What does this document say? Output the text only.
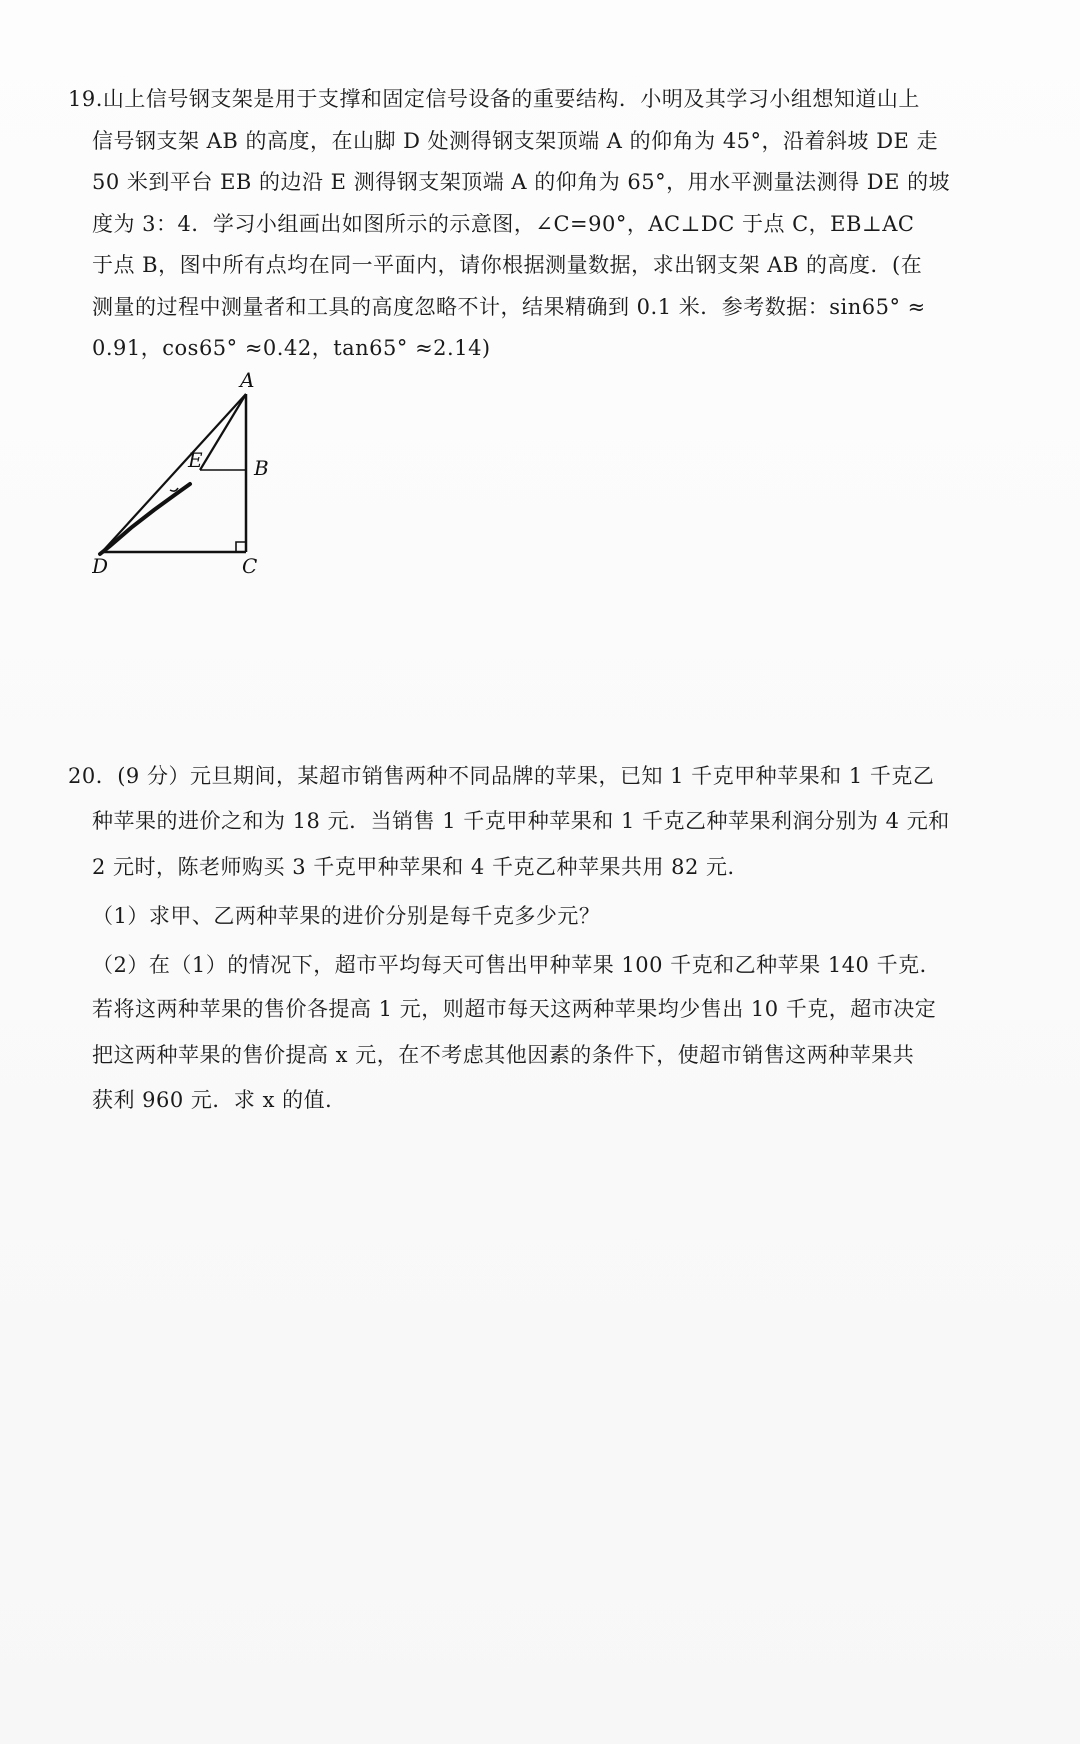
19.山上信号钢支架是用于支撑和固定信号设备的重要结构．小明及其学习小组想知道山上
信号钢支架 AB 的高度，在山脚 D 处测得钢支架顶端 A 的仰角为 45°，沿着斜坡 DE 走
50 米到平台 EB 的边沿 E 测得钢支架顶端 A 的仰角为 65°，用水平测量法测得 DE 的坡
度为 3：4．学习小组画出如图所示的示意图，∠C=90°，AC⊥DC 于点 C，EB⊥AC
于点 B，图中所有点均在同一平面内，请你根据测量数据，求出钢支架 AB 的高度．(在
测量的过程中测量者和工具的高度忽略不计，结果精确到 0.1 米．参考数据：sin65° ≈
0.91，cos65° ≈0.42，tan65° ≈2.14)
A
B
C
D
E
20．(9 分）元旦期间，某超市销售两种不同品牌的苹果，已知 1 千克甲种苹果和 1 千克乙
种苹果的进价之和为 18 元．当销售 1 千克甲种苹果和 1 千克乙种苹果利润分别为 4 元和
2 元时，陈老师购买 3 千克甲种苹果和 4 千克乙种苹果共用 82 元．
（1）求甲、乙两种苹果的进价分别是每千克多少元？
（2）在（1）的情况下，超市平均每天可售出甲种苹果 100 千克和乙种苹果 140 千克．
若将这两种苹果的售价各提高 1 元，则超市每天这两种苹果均少售出 10 千克，超市决定
把这两种苹果的售价提高 x 元，在不考虑其他因素的条件下，使超市销售这两种苹果共
获利 960 元．求 x 的值．
